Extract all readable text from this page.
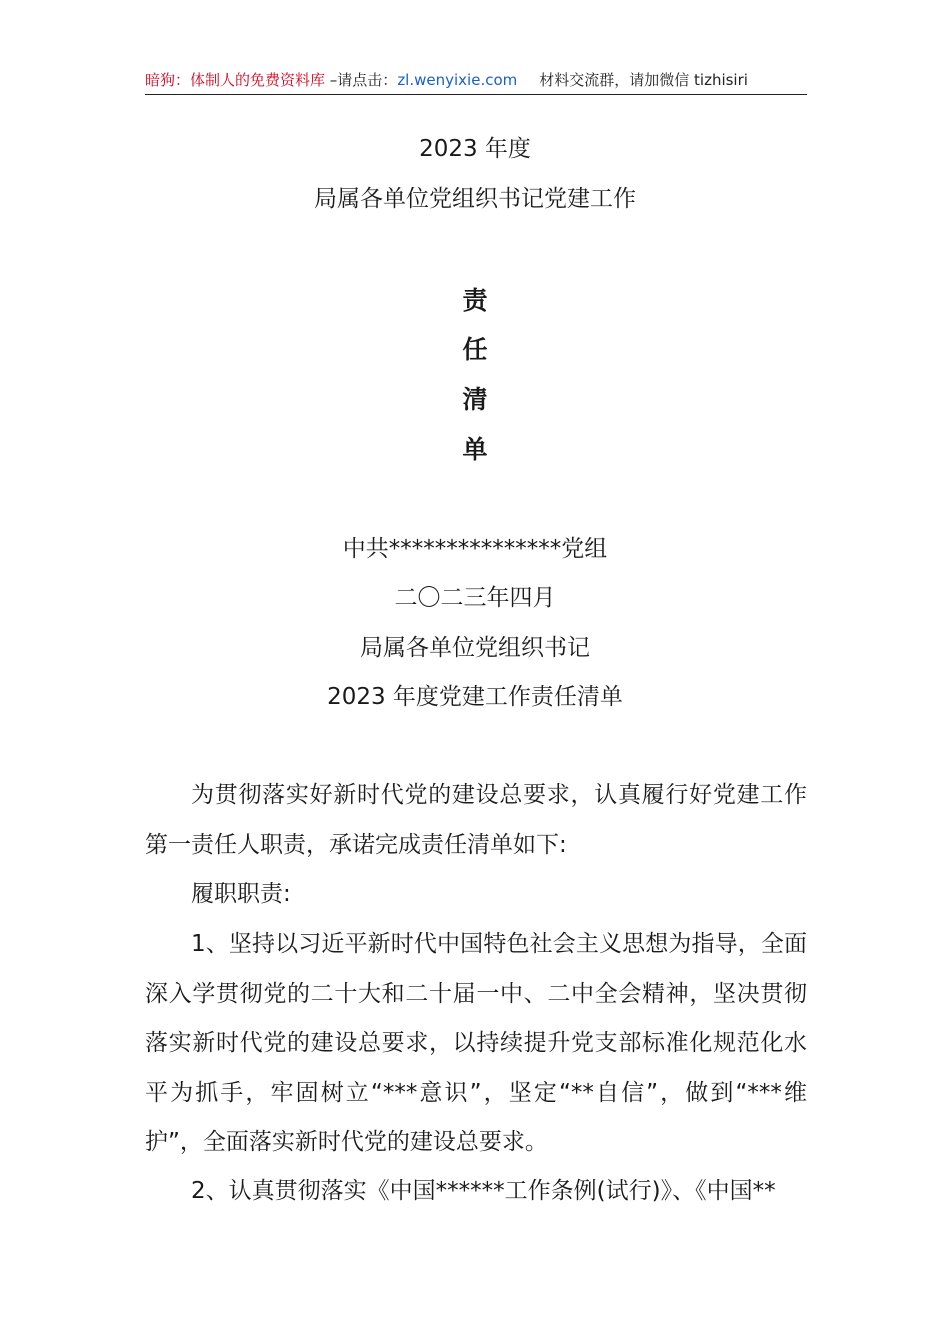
暗狗：体制人的免费资料库 –请点击：zl.wenyixie.com 材料交流群，请加微信 tizhisiri
2023 年度
局属各单位党组织书记党建工作
责
任
清
单
中共***************党组
二〇二三年四月
局属各单位党组织书记
2023 年度党建工作责任清单

为贯彻落实好新时代党的建设总要求，认真履行好党建工作第一责任人职责，承诺完成责任清单如下:

履职职责:

1、坚持以习近平新时代中国特色社会主义思想为指导，全面深入学贯彻党的二十大和二十届一中、二中全会精神，坚决贯彻落实新时代党的建设总要求，以持续提升党支部标准化规范化水平为抓手，牢固树立“***意识”，坚定“**自信”，做到“***维护”，全面落实新时代党的建设总要求。

2、认真贯彻落实《中国******工作条例(试行)》、《中国**
